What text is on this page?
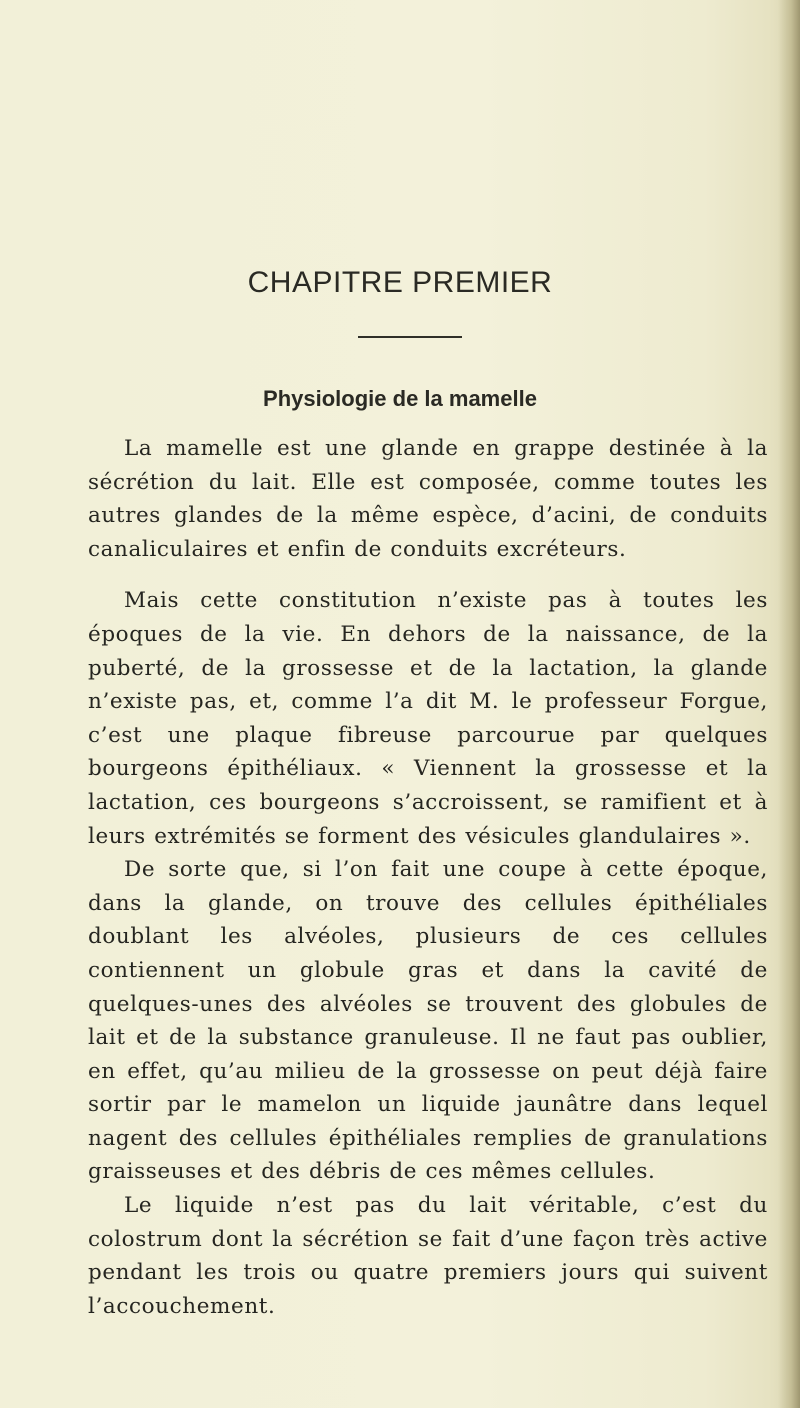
CHAPITRE PREMIER
Physiologie de la mamelle

La mamelle est une glande en grappe destinée à la sécrétion du lait. Elle est composée, comme toutes les autres glandes de la même espèce, d’acini, de conduits canaliculaires et enfin de conduits excréteurs.

Mais cette constitution n’existe pas à toutes les époques de la vie. En dehors de la naissance, de la puberté, de la grossesse et de la lactation, la glande n’existe pas, et, comme l’a dit M. le professeur Forgue, c’est une plaque fibreuse parcourue par quelques bourgeons épithéliaux. « Viennent la grossesse et la lactation, ces bourgeons s’accroissent, se ramifient et à leurs extrémités se forment des vésicules glandulaires ».

De sorte que, si l’on fait une coupe à cette époque, dans la glande, on trouve des cellules épithéliales doublant les alvéoles, plusieurs de ces cellules contiennent un globule gras et dans la cavité de quelques-unes des alvéoles se trouvent des globules de lait et de la substance granuleuse. Il ne faut pas oublier, en effet, qu’au milieu de la grossesse on peut déjà faire sortir par le mamelon un liquide jaunâtre dans lequel nagent des cellules épithéliales remplies de granulations graisseuses et des débris de ces mêmes cellules.

Le liquide n’est pas du lait véritable, c’est du colostrum dont la sécrétion se fait d’une façon très active pendant les trois ou quatre premiers jours qui suivent l’accouchement.
